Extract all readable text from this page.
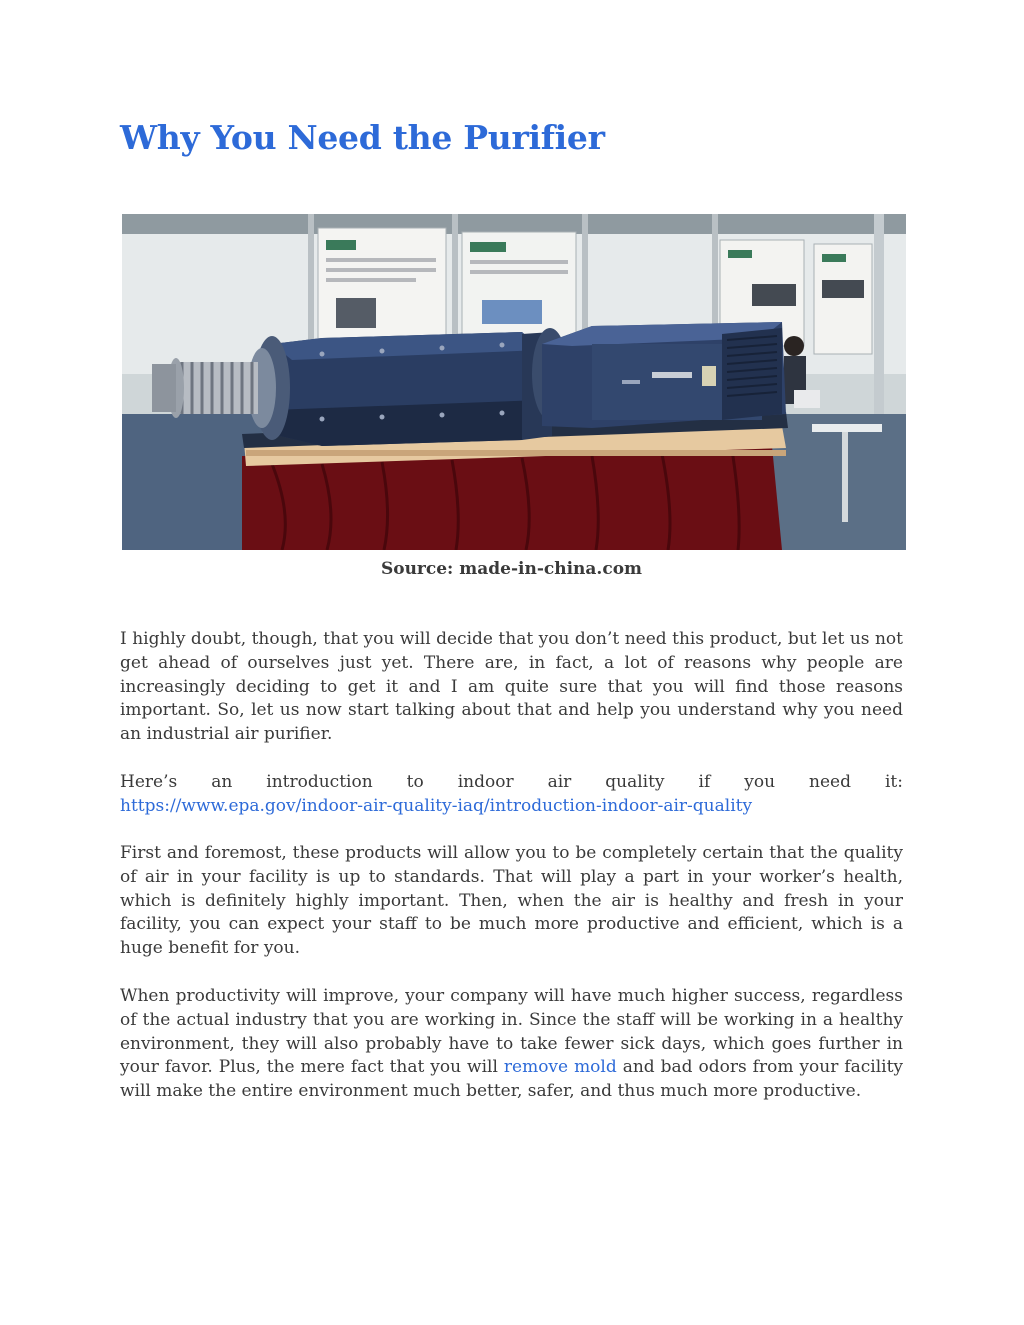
Why You Need the Purifier
Source: made-in-china.com

I highly doubt, though, that you will decide that you don’t need this product, but let us not get ahead of ourselves just yet. There are, in fact, a lot of reasons why people are increasingly deciding to get it and I am quite sure that you will find those reasons important. So, let us now start talking about that and help you understand why you need an industrial air purifier.

Here’s an introduction to indoor air quality if you need it:
https://www.epa.gov/indoor-air-quality-iaq/introduction-indoor-air-quality

First and foremost, these products will allow you to be completely certain that the quality of air in your facility is up to standards. That will play a part in your worker’s health, which is definitely highly important. Then, when the air is healthy and fresh in your facility, you can expect your staff to be much more productive and efficient, which is a huge benefit for you.

When productivity will improve, your company will have much higher success, regardless of the actual industry that you are working in. Since the staff will be working in a healthy environment, they will also probably have to take fewer sick days, which goes further in your favor. Plus, the mere fact that you will remove mold and bad odors from your facility will make the entire environment much better, safer, and thus much more productive.
